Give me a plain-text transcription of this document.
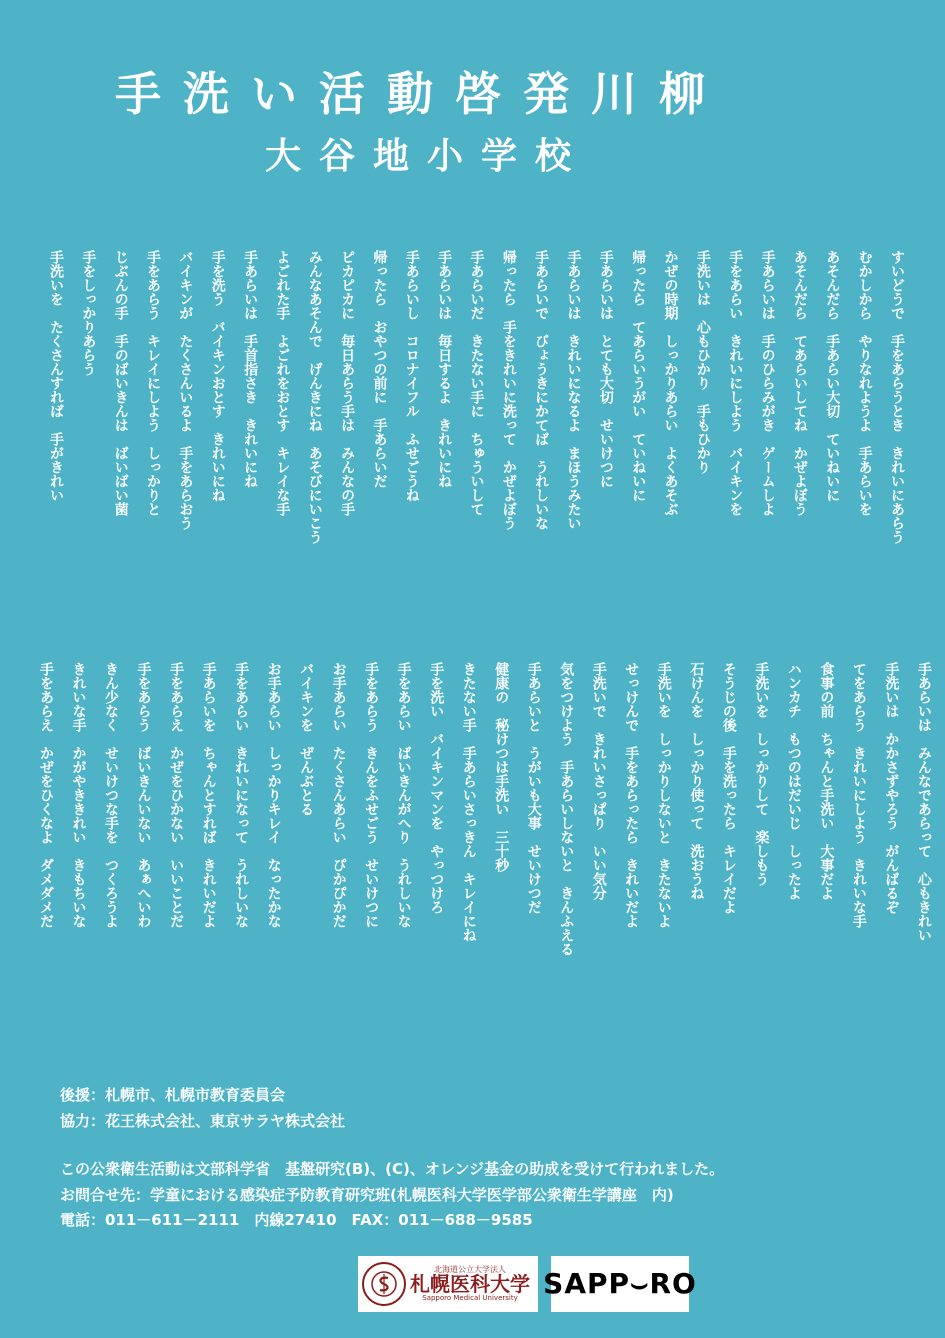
手洗い活動啓発川柳
大谷地小学校
すいどうで　手をあらうとき　きれいにあらう
むかしから　やりなれようよ　手あらいを
あそんだら　手あらい大切　ていねいに
あそんだら　てあらいしてね　かぜよぼう
手あらいは　手のひらみがき　ゲームしよ
手をあらい　きれいにしよう　バイキンを
手洗いは　心もひかり　手もひかり
かぜの時期　しっかりあらい　よくあそぶ
帰ったら　てあらいうがい　ていねいに
手あらいは　とても大切　せいけつに
手あらいは　きれいになるよ　まほうみたい
手あらいで　びょうきにかてば　うれしいな
帰ったら　手をきれいに洗って　かぜよぼう
手あらいだ　きたない手に　ちゅういして
手あらいは　毎日するよ　きれいにね
手あらいし　コロナイフル　ふせごうね
帰ったら　おやつの前に　手あらいだ
ピカピカに　毎日あらう手は　みんなの手
みんなあそんで　げんきにね　あそびにいこう
よごれた手　よごれをおとす　キレイな手
手あらいは　手首指さき　きれいにね
手を洗う　バイキンおとす　きれいにね
バイキンが　たくさんいるよ　手をあらおう
手をあらう　キレイにしよう　しっかりと
じぶんの手　手のばいきんは　ばいばい菌
手をしっかりあらう
手洗いを　たくさんすれば　手がきれい
手あらいは　みんなであらって　心もきれい
手洗いは　かかさずやろう　がんばるぞ
てをあらう　きれいにしよう　きれいな手
食事の前　ちゃんと手洗い　大事だよ
ハンカチ　もつのはだいじ　しったよ
手洗いを　しっかりして　楽しもう
そうじの後　手を洗ったら　キレイだよ
石けんを　しっかり使って　洗おうね
手洗いを　しっかりしないと　きたないよ
せっけんで　手をあらったら　きれいだよ
手洗いで　きれいさっぱり　いい気分
気をつけよう　手あらいしないと　きんふえる
手あらいと　うがいも大事　せいけつだ
健康の　秘けつは手洗い　三十秒
きたない手　手あらいさっきん　キレイにね
手を洗い　バイキンマンを　やっつけろ
手をあらい　ばいきんがへり　うれしいな
手をあらう　きんをふせごう　せいけつに
お手あらい　たくさんあらい　ぴかぴかだ
バイキンを　ぜんぶとる
お手あらい　しっかりキレイ　なったかな
手をあらい　きれいになって　うれしいな
手あらいを　ちゃんとすれば　きれいだよ
手をあらえ　かぜをひかない　いいことだ
手をあらう　ばいきんいない　あぁへいわ
きん少なく　せいけつな手を　つくろうよ
きれいな手　かがやききれい　きもちいな
手をあらえ　かぜをひくなよ　ダメダメだ
後援：札幌市、札幌市教育委員会
協力：花王株式会社、東京サラヤ株式会社
この公衆衛生活動は文部科学省　基盤研究(B)、(C)、オレンジ基金の助成を受けて行われました。
お問合せ先：学童における感染症予防教育研究班(札幌医科大学医学部公衆衛生学講座　内)
電話：011－611－2111　内線27410　FAX：011－688－9585
北海道公立大学法人
札幌医科大学
Sapporo Medical University SAPP⌣RO
